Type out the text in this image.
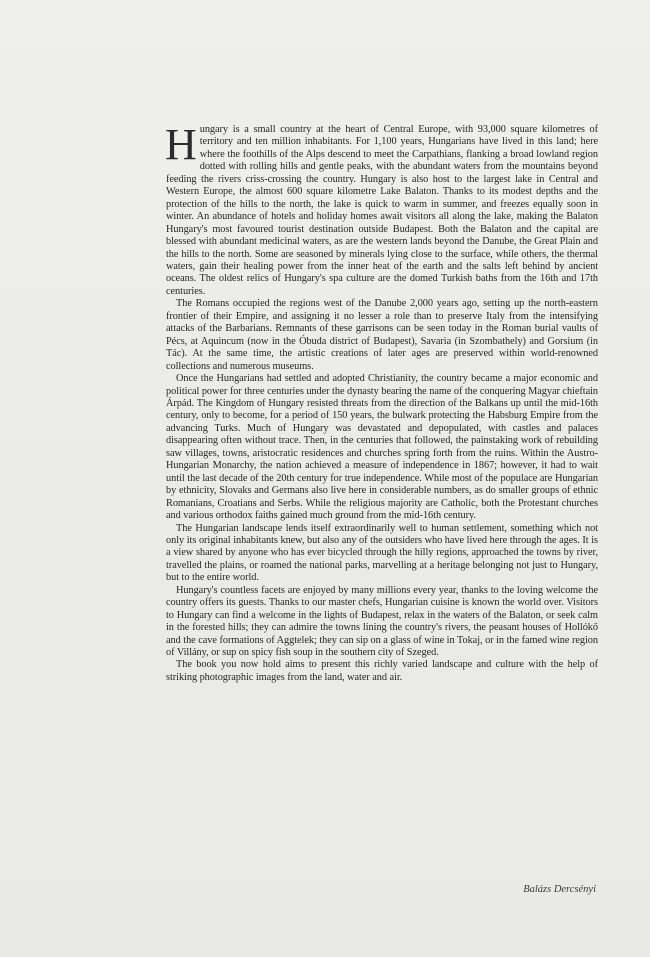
Hungary is a small country at the heart of Central Europe, with 93,000 square kilometres of territory and ten million inhabitants. For 1,100 years, Hungarians have lived in this land; here where the foothills of the Alps descend to meet the Carpathians, flanking a broad lowland region dotted with rolling hills and gentle peaks, with the abundant waters from the mountains beyond feeding the rivers criss-crossing the country. Hungary is also host to the largest lake in Central and Western Europe, the almost 600 square kilometre Lake Balaton. Thanks to its modest depths and the protection of the hills to the north, the lake is quick to warm in summer, and freezes equally soon in winter. An abundance of hotels and holiday homes await visitors all along the lake, making the Balaton Hungary's most favoured tourist destination outside Budapest. Both the Balaton and the capital are blessed with abundant medicinal waters, as are the western lands beyond the Danube, the Great Plain and the hills to the north. Some are seasoned by minerals lying close to the surface, while others, the thermal waters, gain their healing power from the inner heat of the earth and the salts left behind by ancient oceans. The oldest relics of Hungary's spa culture are the domed Turkish baths from the 16th and 17th centuries.

The Romans occupied the regions west of the Danube 2,000 years ago, setting up the north-eastern frontier of their Empire, and assigning it no lesser a role than to preserve Italy from the intensifying attacks of the Barbarians. Remnants of these garrisons can be seen today in the Roman burial vaults of Pécs, at Aquincum (now in the Óbuda district of Budapest), Savaria (in Szombathely) and Gorsium (in Tác). At the same time, the artistic creations of later ages are preserved within world-renowned collections and numerous museums.

Once the Hungarians had settled and adopted Christianity, the country became a major economic and political power for three centuries under the dynasty bearing the name of the conquering Magyar chieftain Árpád. The Kingdom of Hungary resisted threats from the direction of the Balkans up until the mid-16th century, only to become, for a period of 150 years, the bulwark protecting the Habsburg Empire from the advancing Turks. Much of Hungary was devastated and depopulated, with castles and palaces disappearing often without trace. Then, in the centuries that followed, the painstaking work of rebuilding saw villages, towns, aristocratic residences and churches spring forth from the ruins. Within the Austro-Hungarian Monarchy, the nation achieved a measure of independence in 1867; however, it had to wait until the last decade of the 20th century for true independence. While most of the populace are Hungarian by ethnicity, Slovaks and Germans also live here in considerable numbers, as do smaller groups of ethnic Romanians, Croatians and Serbs. While the religious majority are Catholic, both the Protestant churches and various orthodox faiths gained much ground from the mid-16th century.

The Hungarian landscape lends itself extraordinarily well to human settlement, something which not only its original inhabitants knew, but also any of the outsiders who have lived here through the ages. It is a view shared by anyone who has ever bicycled through the hilly regions, approached the towns by river, travelled the plains, or roamed the national parks, marvelling at a heritage belonging not just to Hungary, but to the entire world.

Hungary's countless facets are enjoyed by many millions every year, thanks to the loving welcome the country offers its guests. Thanks to our master chefs, Hungarian cuisine is known the world over. Visitors to Hungary can find a welcome in the lights of Budapest, relax in the waters of the Balaton, or seek calm in the forested hills; they can admire the towns lining the country's rivers, the peasant houses of Hollókő and the cave formations of Aggtelek; they can sip on a glass of wine in Tokaj, or in the famed wine region of Villány, or sup on spicy fish soup in the southern city of Szeged.

The book you now hold aims to present this richly varied landscape and culture with the help of striking photographic images from the land, water and air.

Balázs Dercsényi
